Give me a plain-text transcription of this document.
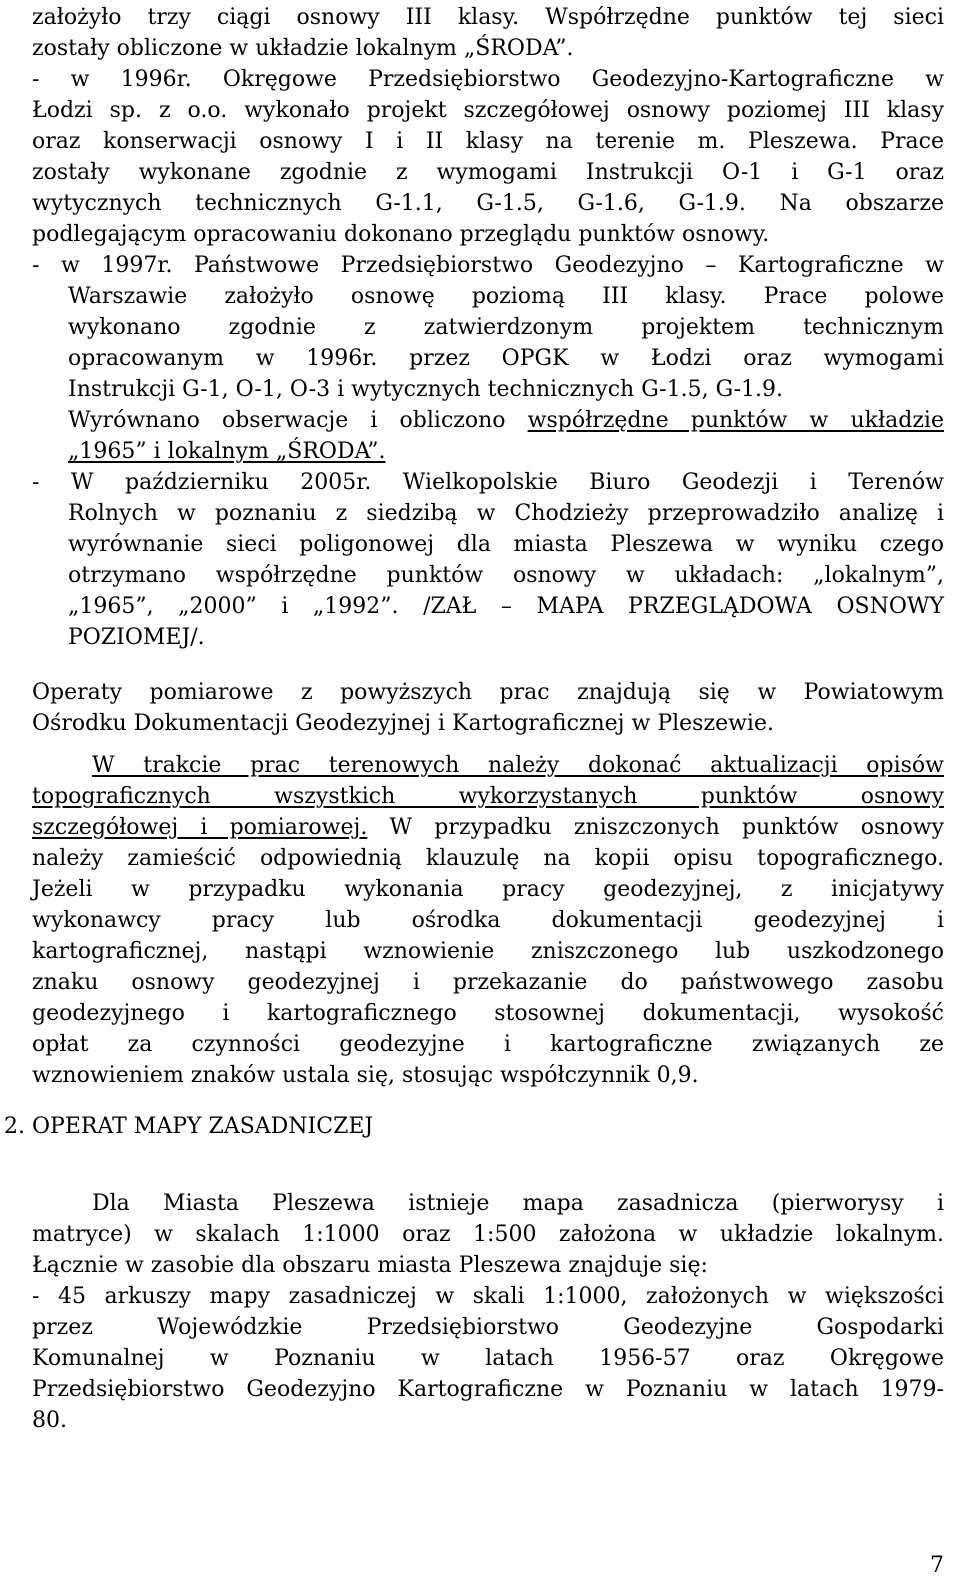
założyło trzy ciągi osnowy III klasy. Współrzędne punktów tej sieci
zostały obliczone w układzie lokalnym „ŚRODA”.
- w 1996r. Okręgowe Przedsiębiorstwo Geodezyjno-Kartograficzne w
Łodzi sp. z o.o. wykonało projekt szczegółowej osnowy poziomej III klasy
oraz konserwacji osnowy I i II klasy na terenie m. Pleszewa. Prace
zostały wykonane zgodnie z wymogami Instrukcji O-1 i G-1 oraz
wytycznych technicznych G-1.1, G-1.5, G-1.6, G-1.9. Na obszarze
podlegającym opracowaniu dokonano przeglądu punktów osnowy.
- w 1997r. Państwowe Przedsiębiorstwo Geodezyjno – Kartograficzne w
Warszawie założyło osnowę poziomą III klasy. Prace polowe
wykonano zgodnie z zatwierdzonym projektem technicznym
opracowanym w 1996r. przez OPGK w Łodzi oraz wymogami
Instrukcji G-1, O-1, O-3 i wytycznych technicznych G-1.5, G-1.9.
Wyrównano obserwacje i obliczono współrzędne punktów w układzie
„1965” i lokalnym „ŚRODA”.
- W październiku 2005r. Wielkopolskie Biuro Geodezji i Terenów
Rolnych w poznaniu z siedzibą w Chodzieży przeprowadziło analizę i
wyrównanie sieci poligonowej dla miasta Pleszewa w wyniku czego
otrzymano współrzędne punktów osnowy w układach: „lokalnym”,
„1965”, „2000” i „1992”. /ZAŁ – MAPA PRZEGLĄDOWA OSNOWY
POZIOMEJ/.
Operaty pomiarowe z powyższych prac znajdują się w Powiatowym
Ośrodku Dokumentacji Geodezyjnej i Kartograficznej w Pleszewie.
W trakcie prac terenowych należy dokonać aktualizacji opisów
topograficznych wszystkich wykorzystanych punktów osnowy
szczegółowej i pomiarowej. W przypadku zniszczonych punktów osnowy
należy zamieścić odpowiednią klauzulę na kopii opisu topograficznego.
Jeżeli w przypadku wykonania pracy geodezyjnej, z inicjatywy
wykonawcy pracy lub ośrodka dokumentacji geodezyjnej i
kartograficznej, nastąpi wznowienie zniszczonego lub uszkodzonego
znaku osnowy geodezyjnej i przekazanie do państwowego zasobu
geodezyjnego i kartograficznego stosownej dokumentacji, wysokość
opłat za czynności geodezyjne i kartograficzne związanych ze
wznowieniem znaków ustala się, stosując współczynnik 0,9.
2. OPERAT MAPY ZASADNICZEJ
Dla Miasta Pleszewa istnieje mapa zasadnicza (pierworysy i
matryce) w skalach 1:1000 oraz 1:500 założona w układzie lokalnym.
Łącznie w zasobie dla obszaru miasta Pleszewa znajduje się:
- 45 arkuszy mapy zasadniczej w skali 1:1000, założonych w większości
przez Wojewódzkie Przedsiębiorstwo Geodezyjne Gospodarki
Komunalnej w Poznaniu w latach 1956-57 oraz Okręgowe
Przedsiębiorstwo Geodezyjno Kartograficzne w Poznaniu w latach 1979-
80.
7
